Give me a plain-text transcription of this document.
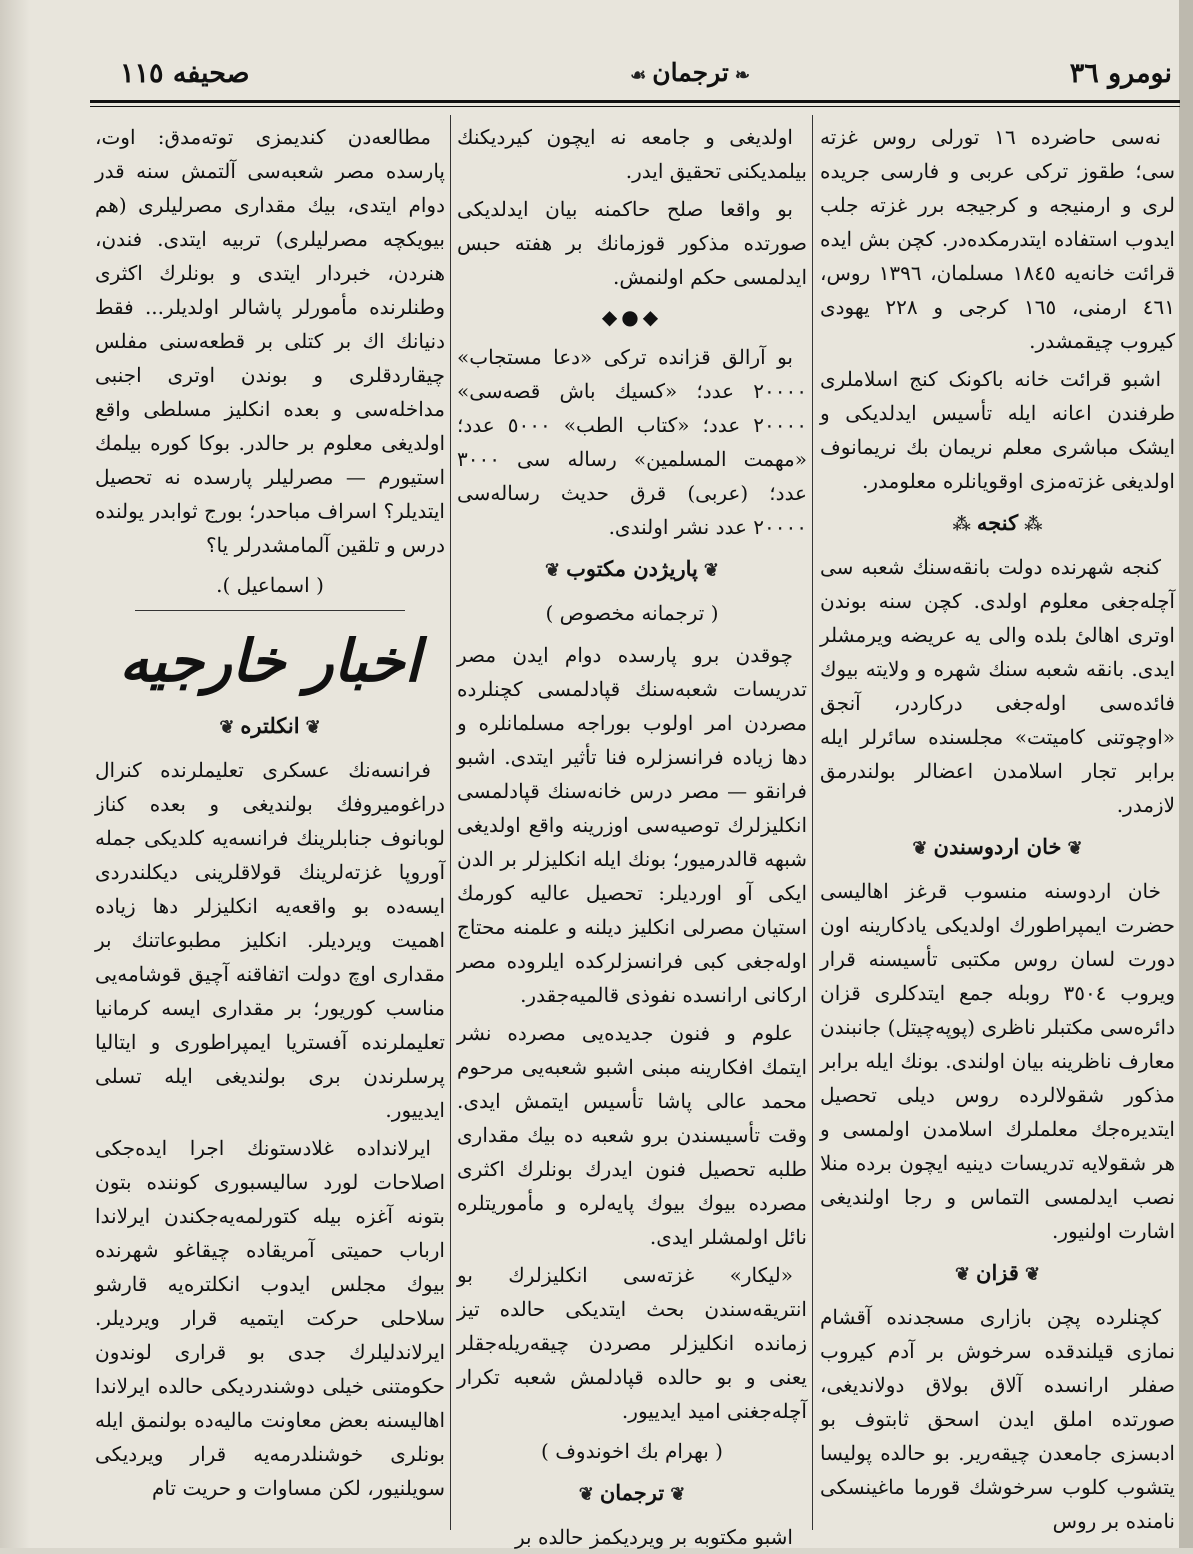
نومرو ٣٦
❧ترجمان☙
صحیفه ١١٥

نەسی حاضرده ١٦ تورلی روس غزته سی؛ طقوز ترکی عربی و فارسی جریده لری و ارمنیجه و کرجیجه برر غزته جلب ایدوب استفاده ایتدرمکده‌در. کچن بش ایده قرائت خانه‌یه ١٨٤٥ مسلمان، ١٣٩٦ روس، ٤٦١ ارمنی، ١٦٥ کرجی و ٢٢٨ یهودی کیروب چیقمشدر.

اشبو قرائت خانه باکونک کنج اسلاملری طرفندن اعانه ایله تأسیس ایدلدیکی و ایشک مباشری معلم نریمان بك نریمانوف اولدیغی غزته‌مزی اوقویانلره معلومدر.

⁂کنجه⁂

کنجه شهرنده دولت بانقه‌سنك شعبه سی آچلەجغی معلوم اولدی. کچن سنه بوندن اوتری اهالیٔ بلده والی یه عریضه ویرمشلر ایدی. بانقه شعبه سنك شهره و ولایته بیوك فائده‌سی اولەجغی درکاردر، آنجق «اوچوتنی کامیتت» مجلسنده سائرلر ایله برابر تجار اسلامدن اعضالر بولندرمق لازمدر.

❦خان اردوسندن❦

خان اردوسنه منسوب قرغز اهالیسی حضرت ایمپراطورك اولدیکی یادکارینه اون دورت لسان روس مکتبی تأسیسنه قرار ویروب ٣٥٠٤ روبله جمع ایتدکلری قزان دائره‌سی مکتبلر ناظری (پوپەچیتل) جانبندن معارف ناظرینه بیان اولندی. بونك ایله برابر مذکور شقولالرده روس دیلی تحصیل ایتدیره‌جك معلملرك اسلامدن اولمسی و هر شقولایه تدریسات دینیه ایچون برده منلا نصب ایدلمسی التماس و رجا اولندیغی اشارت اولنیور.

❦قزان❦

کچنلرده پچن بازاری مسجدنده آقشام نمازی قیلندقده سرخوش بر آدم کیروب صفلر ارانسده آلاق بولاق دولاندیغی، صورتده املق ایدن اسحق ثابتوف بو ادبسزی جامعدن چیقەریر. بو حالده پولیسا یتشوب کلوب سرخوشك قورما ماغینسکی نامنده بر روس

اولدیغی و جامعه نه ایچون کیردیکنك بیلمدیکنی تحقیق ایدر.

بو واقعا صلح حاکمنه بیان ایدلدیکی صورتده مذکور قوزمانك بر هفته حبس ایدلمسی حکم اولنمش.

◆●◆

بو آرالق قزانده ترکی «دعا مستجاب» ٢٠٠٠٠ عدد؛ «کسیك باش قصه‌سی» ٢٠٠٠٠ عدد؛ «کتاب الطب» ٥٠٠٠ عدد؛ «مهمت المسلمین» رساله سی ٣٠٠٠ عدد؛ (عربی) قرق حدیث رساله‌سی ٢٠٠٠٠ عدد نشر اولندی.

❦پاریژدن مکتوب❦
( ترجمانه مخصوص )

چوقدن برو پارسده دوام ایدن مصر تدریسات شعبه‌سنك قپادلمسی کچنلرده مصردن امر اولوب بوراجه مسلمانلره و دها زیاده فرانسزلره فنا تأثیر ایتدی. اشبو فرانقو — مصر درس خانه‌سنك قپادلمسی انکلیزلرك توصیه‌سی اوزرینه واقع اولدیغی شبهه قالدرمیور؛ بونك ایله انکلیزلر بر الدن ایکی آو اوردیلر: تحصیل عالیه کورمك استیان مصرلی انکلیز دیلنه و علمنه محتاج اولەجغی کبی فرانسزلرکده ایلروده مصر ارکانی ارانسده نفوذی قالمیەجقدر.

علوم و فنون جدیده‌یی مصرده نشر ایتمك افکارینه مبنی اشبو شعبه‌یی مرحوم محمد عالی پاشا تأسیس ایتمش ایدی. وقت تأسیسندن برو شعبه ده بیك مقداری طلبه تحصیل فنون ایدرك بونلرك اکثری مصرده بیوك بیوك پایەلره و مأموریتلره نائل اولمشلر ایدی.

«لیکار» غزته‌سی انکلیزلرك بو انتریقه‌سندن بحث ایتدیکی حالده تیز زمانده انکلیزلر مصردن چیقەریله‌جقلر یعنی و بو حالده قپادلمش شعبه تکرار آچلەجغنی امید ایدییور.

( بهرام بك اخوندوف )
❦ترجمان❦

اشبو مکتوبه بر ویردیکمز حالده بر

مطالعەدن کندیمزی توتەمدق: اوت، پارسده مصر شعبه‌سی آلتمش سنه قدر دوام ایتدی، بیك مقداری مصرلیلری (هم بیویکچه مصرلیلری) تربیه ایتدی. فندن، هنردن، خبردار ایتدی و بونلرك اکثری وطنلرنده مأمورلر پاشالر اولدیلر... فقط دنیانك اك بر کتلی بر قطعه‌سنی مفلس چیقاردقلری و بوندن اوتری اجنبی مداخله‌سی و بعده انکلیز مسلطی واقع اولدیغی معلوم بر حالدر. بوکا کوره بیلمك استیورم — مصرلیلر پارسده نه تحصیل ایتدیلر؟ اسراف مباحدر؛ بورج ثوابدر یولنده درس و تلقین آلمامشدرلر یا؟

( اسماعیل ).
اخبار خارجیه
❦انکلتره❦

فرانسەنك عسکری تعلیملرنده کنرال دراغومیروفك بولندیغی و بعده کناز لوبانوف جنابلرینك فرانسەیه کلدیکی جمله آوروپا غزته‌لرینك قولاقلرینی دیکلندردی ایسه‌ده بو واقعه‌یه انکلیزلر دها زیاده اهمیت ویردیلر. انکلیز مطبوعاتنك بر مقداری اوچ دولت اتفاقنه آچیق قوشامەیی مناسب کوریور؛ بر مقداری ایسه کرمانیا تعلیملرنده آفستریا ایمپراطوری و ایتالیا پرسلرندن بری بولندیغی ایله تسلی ایدییور.

ایرلانداده غلادستونك اجرا ایده‌جکی اصلاحات لورد سالیسبوری کوننده بتون بتونه آغزه بیله کتورلمەیه‌جکندن ایرلاندا ارباب حمیتی آمریقاده چیقاغو شهرنده بیوك مجلس ایدوب انکلتره‌یه قارشو سلاحلی حرکت ایتمیه قرار ویردیلر. ایرلاندلیلرك جدی بو قراری لوندون حکومتنی خیلی دوشندردیکی حالده ایرلاندا اهالیسنه بعض معاونت مالیەده بولنمق ایله بونلری خوشنلدرمەیه قرار ویردیکی سویلنیور، لکن مساوات و حریت تام
